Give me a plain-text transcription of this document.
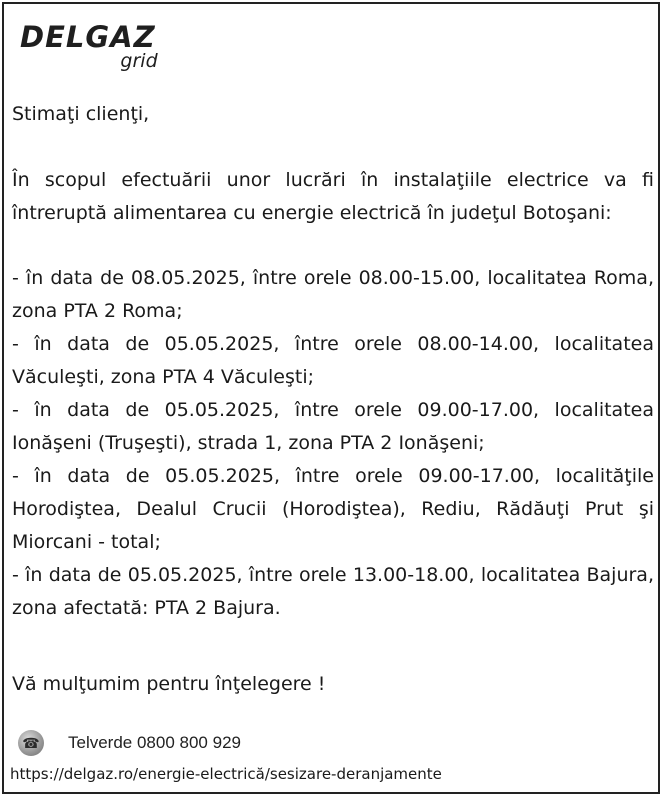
DELGAZ
grid
Stimaţi clienţi,
În scopul efectuării unor lucrări în instalaţiile electrice va fi întreruptă alimentarea cu energie electrică în judeţul Botoşani:
- în data de 08.05.2025, între orele 08.00-15.00, localitatea Roma, zona PTA 2 Roma;
- în data de 05.05.2025, între orele 08.00-14.00, localitatea Văculeşti, zona PTA 4 Văculeşti;
- în data de 05.05.2025, între orele 09.00-17.00, localitatea Ionăşeni (Truşeşti), strada 1, zona PTA 2 Ionăşeni;
- în data de 05.05.2025, între orele 09.00-17.00, localităţile Horodiştea, Dealul Crucii (Horodiştea), Rediu, Rădăuţi Prut şi Miorcani - total;
- în data de 05.05.2025, între orele 13.00-18.00, localitatea Bajura, zona afectată: PTA 2 Bajura.
Vă mulţumim pentru înţelegere !
☎ Telverde 0800 800 929
https://delgaz.ro/energie-electrică/sesizare-deranjamente
